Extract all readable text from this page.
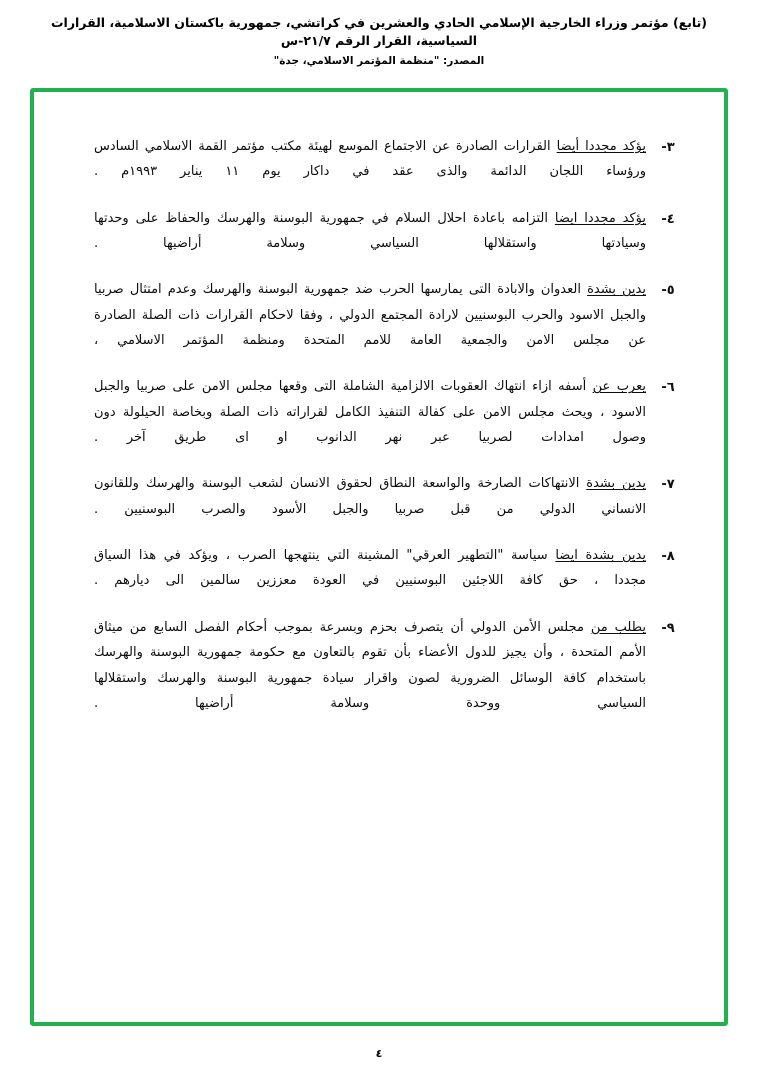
(تابع) مؤتمر وزراء الخارجية الإسلامي الحادي والعشرين في كراتشي، جمهورية باكستان الاسلامية، القرارات السياسية، القرار الرقم ٢١/٧-س
المصدر: "منظمة المؤتمر الاسلامي، جدة"
٣-
يؤكد مجددا أيضا القرارات الصادرة عن الاجتماع الموسع لهيئة مكتب مؤتمر القمة الاسلامي السادس ورؤساء اللجان الدائمة والذى عقد في داكار يوم ١١ يناير ١٩٩٣م .
٤-
يؤكد مجددا ايضا التزامه باعادة احلال السلام في جمهورية البوسنة والهرسك والحفاظ على وحدتها وسيادتها واستقلالها السياسي وسلامة أراضيها .
٥-
يدين بشدة العدوان والابادة التى يمارسها الحرب ضد جمهورية البوسنة والهرسك وعدم امتثال صربيا والجبل الاسود والحرب البوسنيين لارادة المجتمع الدولي ، وفقا لاحكام القرارات ذات الصلة الصادرة عن مجلس الامن والجمعية العامة للامم المتحدة ومنظمة المؤتمر الاسلامي ،
٦-
يعرب عن أسفه ازاء انتهاك العقوبات الالزامية الشاملة التى وقعها مجلس الامن على صربيا والجبل الاسود ، ويحث مجلس الامن على كفالة التنفيذ الكامل لقراراته ذات الصلة وبخاصة الحيلولة دون وصول امدادات لصربيا عبر نهر الدانوب او اى طريق آخر .
٧-
يدين بشدة الانتهاكات الصارخة والواسعة النطاق لحقوق الانسان لشعب البوسنة والهرسك وللقانون الانساني الدولي من قبل صربيا والجبل الأسود والصرب البوسنيين .
٨-
يدين بشدة ايضا سياسة "التطهير العرقي" المشينة التي ينتهجها الصرب ، ويؤكد في هذا السياق مجددا ، حق كافة اللاجئين البوسنيين في العودة معززين سالمين الى ديارهم .
٩-
يطلب من مجلس الأمن الدولي أن يتصرف بحزم وبسرعة بموجب أحكام الفصل السابع من ميثاق الأمم المتحدة ، وأن يجيز للدول الأعضاء بأن تقوم بالتعاون مع حكومة جمهورية البوسنة والهرسك باستخدام كافة الوسائل الضرورية لصون واقرار سيادة جمهورية البوسنة والهرسك واستقلالها السياسي ووحدة وسلامة أراضيها .
٤
